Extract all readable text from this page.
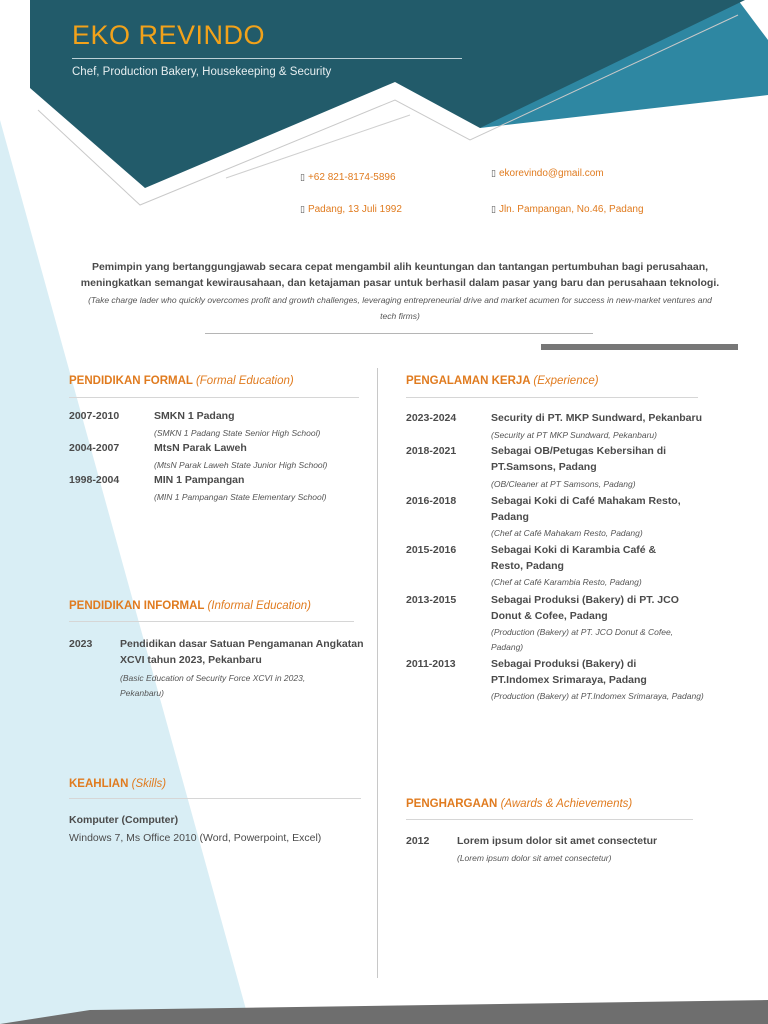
EKO REVINDO
Chef, Production Bakery, Housekeeping & Security
▯ +62 821-8174-5896
▯ Padang, 13 Juli 1992
▯ ekorevindo@gmail.com
▯ Jln. Pampangan, No.46, Padang
Pemimpin yang bertanggungjawab secara cepat mengambil alih keuntungan dan tantangan pertumbuhan bagi perusahaan, meningkatkan semangat kewirausahaan, dan ketajaman pasar untuk berhasil dalam pasar yang baru dan perusahaan teknologi.
(Take charge lader who quickly overcomes profit and growth challenges, leveraging entrepreneurial drive and market acumen for success in new-market ventures and tech firms)
PENDIDIKAN FORMAL (Formal Education)
2007-2010	SMKN 1 Padang
(SMKN 1 Padang State Senior High School)
2004-2007	MtsN Parak Laweh
(MtsN Parak Laweh State Junior High School)
1998-2004	MIN 1 Pampangan
(MIN 1 Pampangan State Elementary School)
PENDIDIKAN INFORMAL (Informal Education)
2023	Pendidikan dasar Satuan Pengamanan Angkatan XCVI tahun 2023, Pekanbaru
(Basic Education of Security Force XCVI in 2023, Pekanbaru)
KEAHLIAN (Skills)
Komputer (Computer)
Windows 7, Ms Office 2010 (Word, Powerpoint, Excel)
PENGALAMAN KERJA (Experience)
2023-2024	Security di PT. MKP Sundward, Pekanbaru
(Security at PT MKP Sundward, Pekanbaru)
2018-2021	Sebagai OB/Petugas Kebersihan di PT.Samsons, Padang
(OB/Cleaner at PT Samsons, Padang)
2016-2018	Sebagai Koki di Café Mahakam Resto, Padang
(Chef at Café Mahakam Resto, Padang)
2015-2016	Sebagai Koki di Karambia Café & Resto, Padang
(Chef at Café Karambia Resto, Padang)
2013-2015	Sebagai Produksi (Bakery) di PT. JCO Donut & Cofee, Padang
(Production (Bakery) at PT. JCO Donut & Cofee, Padang)
2011-2013	Sebagai Produksi (Bakery) di PT.Indomex Srimaraya, Padang
(Production (Bakery) at PT.Indomex Srimaraya, Padang)
PENGHARGAAN (Awards & Achievements)
2012	Lorem ipsum dolor sit amet consectetur
(Lorem ipsum dolor sit amet consectetur)
